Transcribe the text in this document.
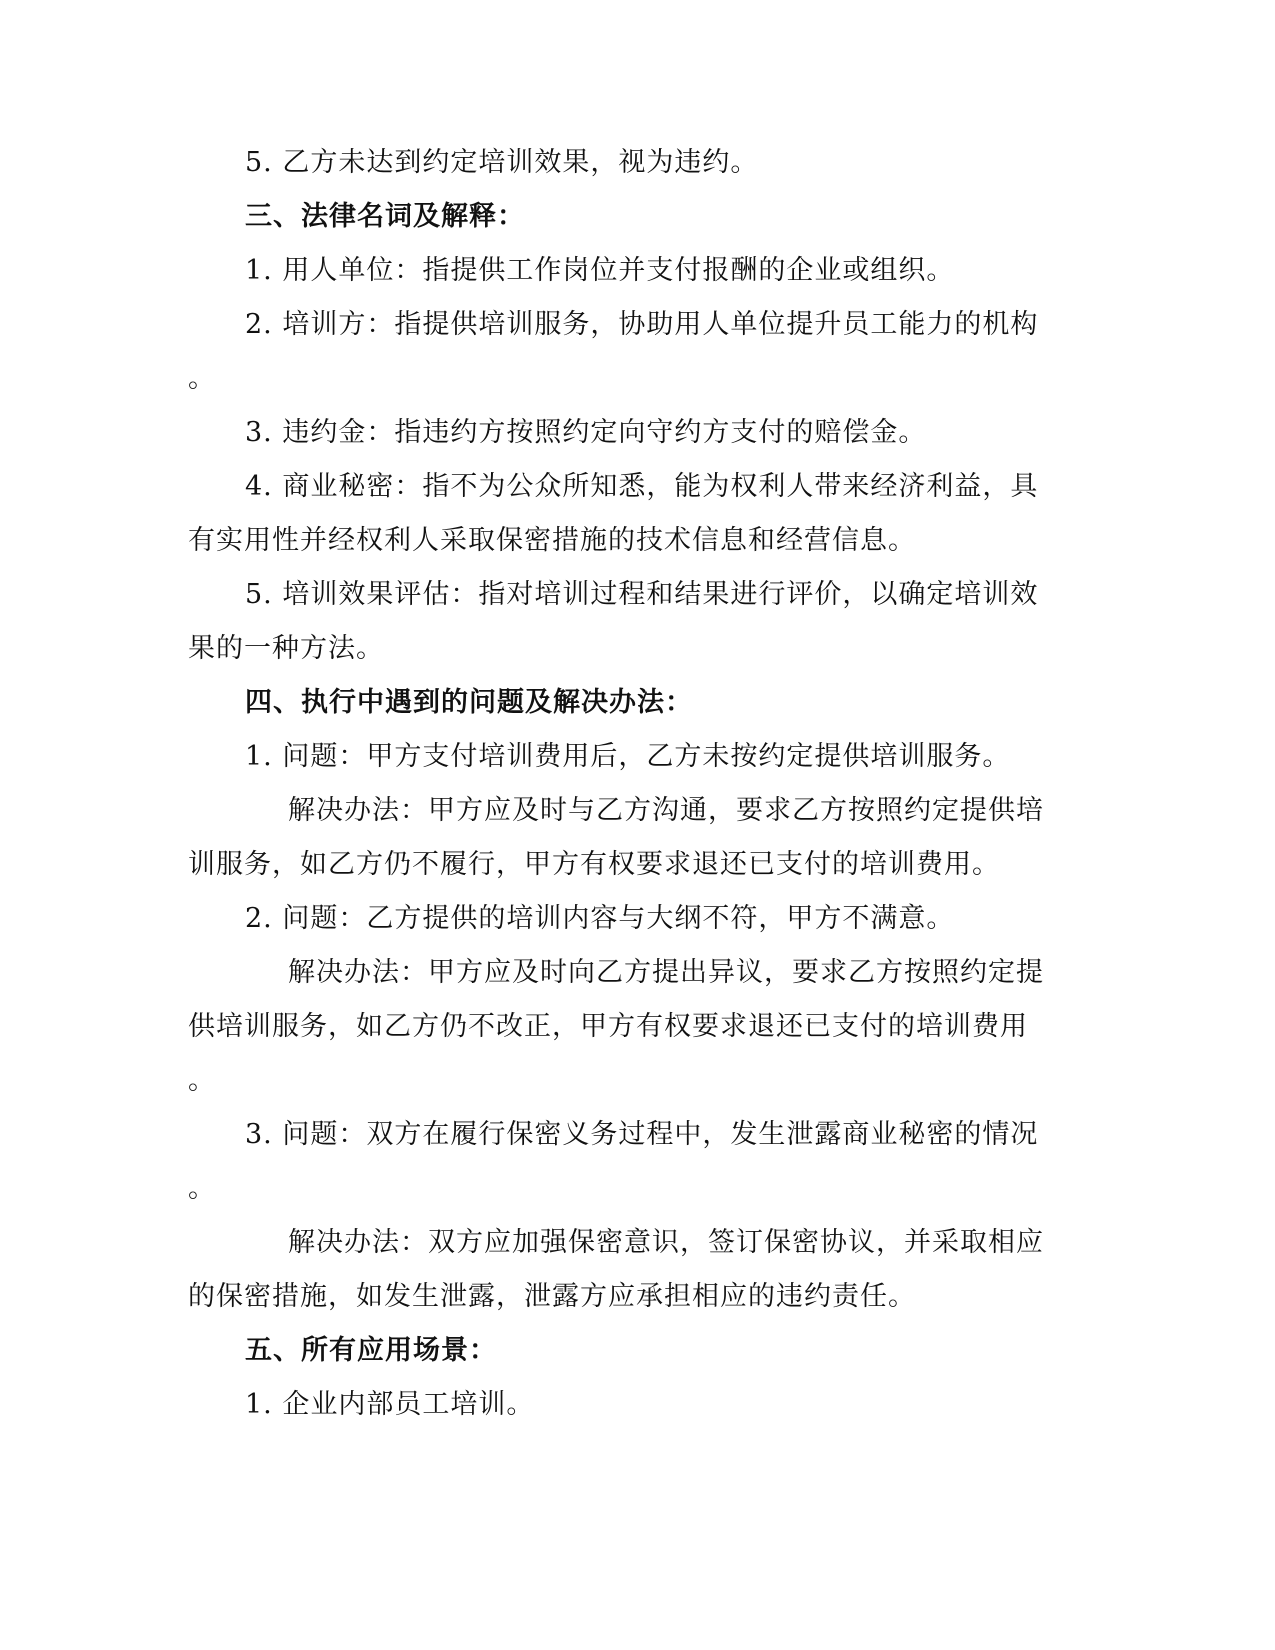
5. 乙方未达到约定培训效果，视为违约。
三、法律名词及解释：
1. 用人单位：指提供工作岗位并支付报酬的企业或组织。
2. 培训方：指提供培训服务，协助用人单位提升员工能力的机构
。
3. 违约金：指违约方按照约定向守约方支付的赔偿金。
4. 商业秘密：指不为公众所知悉，能为权利人带来经济利益，具
有实用性并经权利人采取保密措施的技术信息和经营信息。
5. 培训效果评估：指对培训过程和结果进行评价，以确定培训效
果的一种方法。
四、执行中遇到的问题及解决办法：
1. 问题：甲方支付培训费用后，乙方未按约定提供培训服务。
解决办法：甲方应及时与乙方沟通，要求乙方按照约定提供培
训服务，如乙方仍不履行，甲方有权要求退还已支付的培训费用。
2. 问题：乙方提供的培训内容与大纲不符，甲方不满意。
解决办法：甲方应及时向乙方提出异议，要求乙方按照约定提
供培训服务，如乙方仍不改正，甲方有权要求退还已支付的培训费用
。
3. 问题：双方在履行保密义务过程中，发生泄露商业秘密的情况
。
解决办法：双方应加强保密意识，签订保密协议，并采取相应
的保密措施，如发生泄露，泄露方应承担相应的违约责任。
五、所有应用场景：
1. 企业内部员工培训。
